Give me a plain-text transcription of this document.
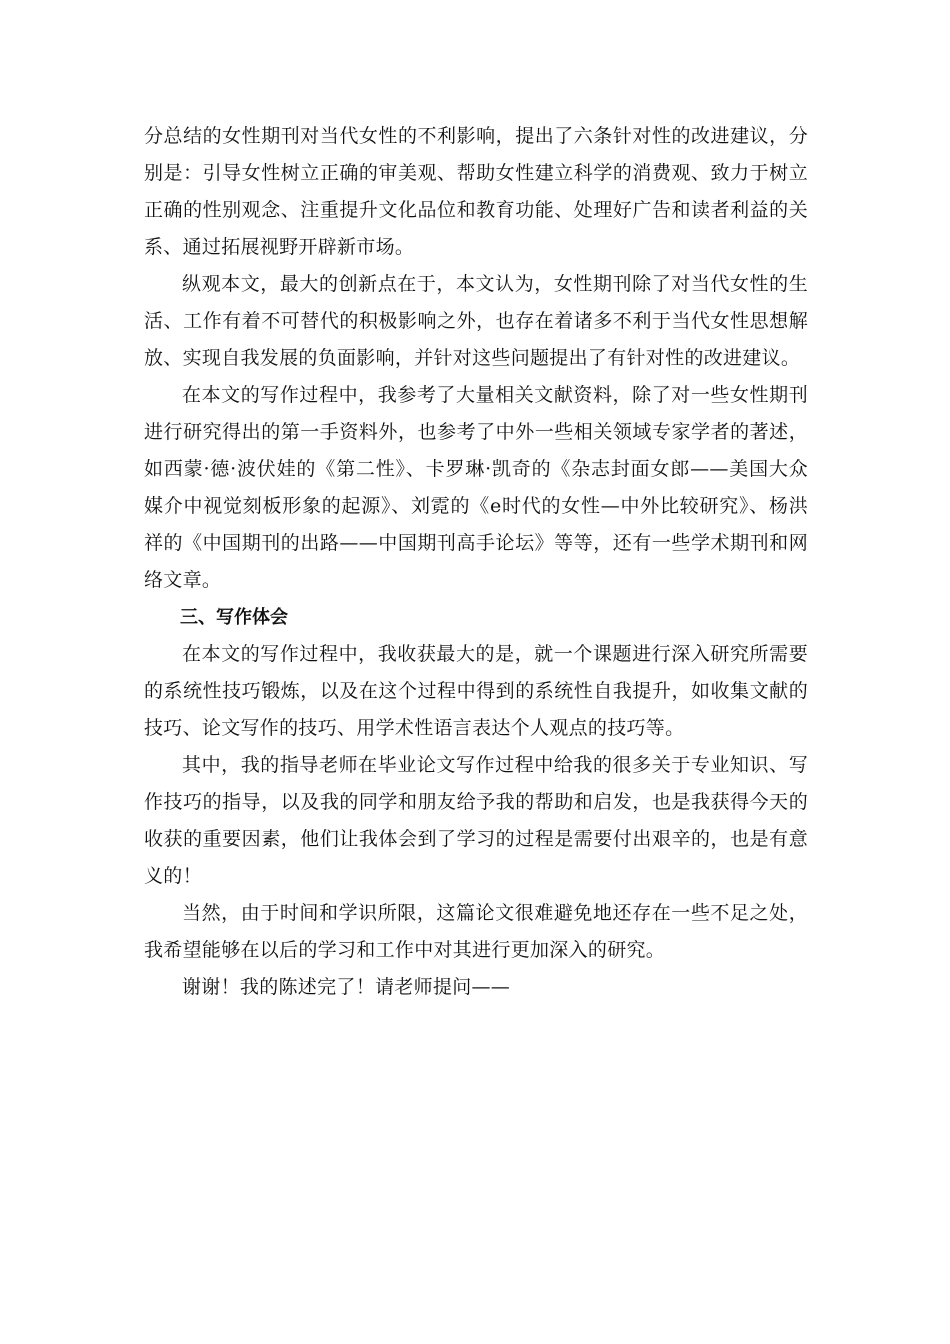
分总结的女性期刊对当代女性的不利影响，提出了六条针对性的改进建议，分别是：引导女性树立正确的审美观、帮助女性建立科学的消费观、致力于树立正确的性别观念、注重提升文化品位和教育功能、处理好广告和读者利益的关系、通过拓展视野开辟新市场。

纵观本文，最大的创新点在于，本文认为，女性期刊除了对当代女性的生活、工作有着不可替代的积极影响之外，也存在着诸多不利于当代女性思想解放、实现自我发展的负面影响，并针对这些问题提出了有针对性的改进建议。

在本文的写作过程中，我参考了大量相关文献资料，除了对一些女性期刊进行研究得出的第一手资料外，也参考了中外一些相关领域专家学者的著述，如西蒙·德·波伏娃的《第二性》、卡罗琳·凯奇的《杂志封面女郎——美国大众媒介中视觉刻板形象的起源》、刘霓的《e时代的女性—中外比较研究》、杨洪祥的《中国期刊的出路——中国期刊高手论坛》等等，还有一些学术期刊和网络文章。

三、写作体会

在本文的写作过程中，我收获最大的是，就一个课题进行深入研究所需要的系统性技巧锻炼，以及在这个过程中得到的系统性自我提升，如收集文献的技巧、论文写作的技巧、用学术性语言表达个人观点的技巧等。

其中，我的指导老师在毕业论文写作过程中给我的很多关于专业知识、写作技巧的指导，以及我的同学和朋友给予我的帮助和启发，也是我获得今天的收获的重要因素，他们让我体会到了学习的过程是需要付出艰辛的，也是有意义的！

当然，由于时间和学识所限，这篇论文很难避免地还存在一些不足之处，我希望能够在以后的学习和工作中对其进行更加深入的研究。

谢谢！我的陈述完了！请老师提问——
